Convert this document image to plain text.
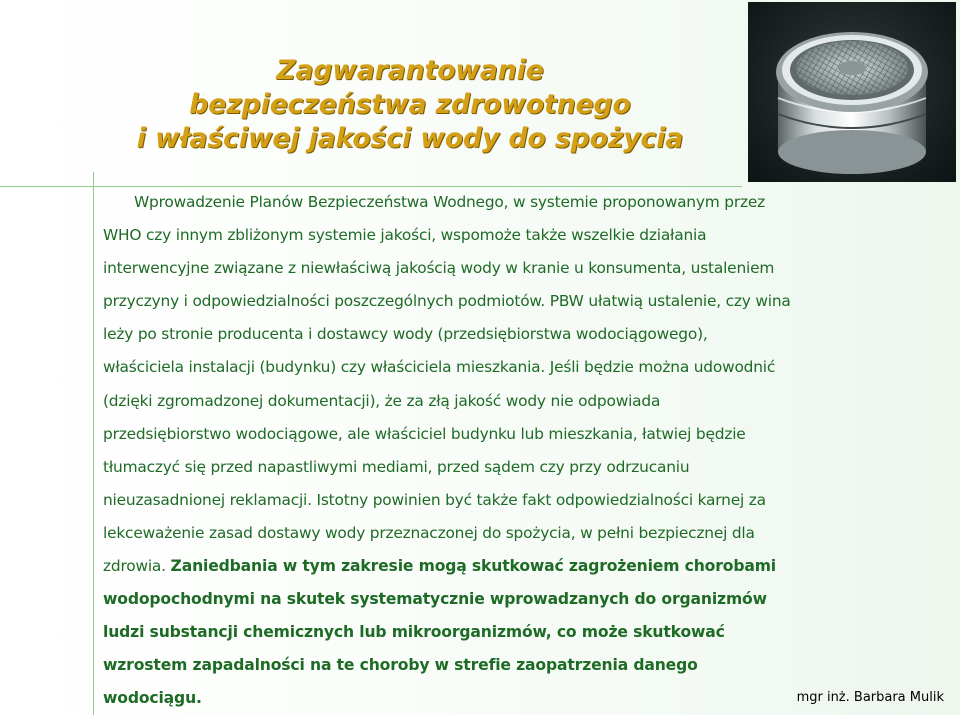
Zagwarantowanie
bezpieczeństwa zdrowotnego
i właściwej jakości wody do spożycia
Wprowadzenie Planów Bezpieczeństwa Wodnego, w systemie proponowanym przez
WHO czy innym zbliżonym systemie jakości, wspomoże także wszelkie działania
interwencyjne związane z niewłaściwą jakością wody w kranie u konsumenta, ustaleniem
przyczyny i odpowiedzialności poszczególnych podmiotów. PBW ułatwią ustalenie, czy wina
leży po stronie producenta i dostawcy wody (przedsiębiorstwa wodociągowego),
właściciela instalacji (budynku) czy właściciela mieszkania. Jeśli będzie można udowodnić
(dzięki zgromadzonej dokumentacji), że za złą jakość wody nie odpowiada
przedsiębiorstwo wodociągowe, ale właściciel budynku lub mieszkania, łatwiej będzie
tłumaczyć się przed napastliwymi mediami, przed sądem czy przy odrzucaniu
nieuzasadnionej reklamacji. Istotny powinien być także fakt odpowiedzialności karnej za
lekceważenie zasad dostawy wody przeznaczonej do spożycia, w pełni bezpiecznej dla
zdrowia. Zaniedbania w tym zakresie mogą skutkować zagrożeniem chorobami
wodopochodnymi na skutek systematycznie wprowadzanych do organizmów
ludzi substancji chemicznych lub mikroorganizmów, co może skutkować
wzrostem zapadalności na te choroby w strefie zaopatrzenia danego
wodociągu.	mgr inż. Barbara Mulik
